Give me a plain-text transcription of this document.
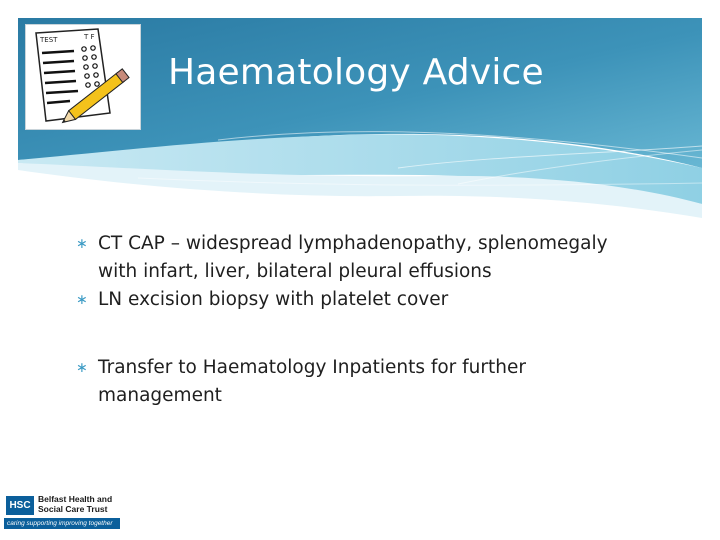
Haematology Advice
TEST	T F
∗ CT CAP – widespread lymphadenopathy, splenomegaly with infart, liver, bilateral pleural effusions
∗ LN excision biopsy with platelet cover
∗ Transfer to Haematology Inpatients for further management
HSC
Belfast Health and
Social Care Trust
caring supporting improving together
